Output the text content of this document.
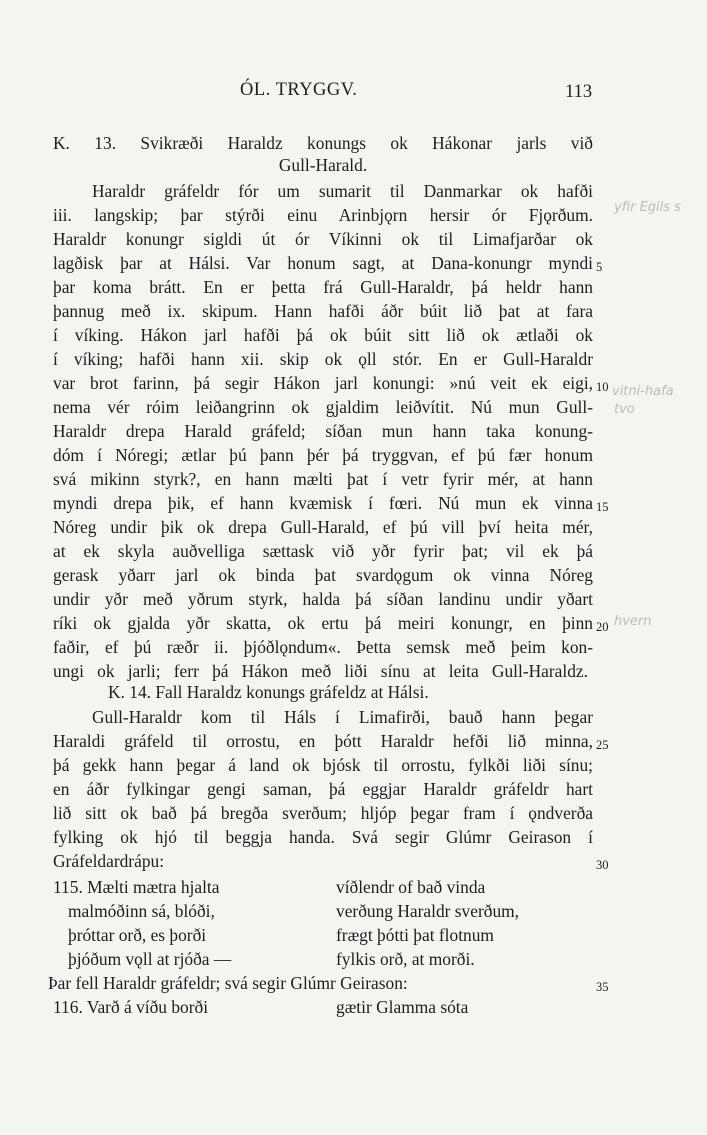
ÓL. TRYGGV.	113
K. 13. Svikræði Haraldz konungs ok Hákonar jarls við
Gull-Harald.
Haraldr gráfeldr fór um sumarit til Danmarkar ok hafði
iii. langskip; þar stýrði einu Arinbjǫrn hersir ór Fjǫrðum.
Haraldr konungr sigldi út ór Víkinni ok til Limafjarðar ok
lagðisk þar at Hálsi. Var honum sagt, at Dana-konungr myndi
þar koma brátt. En er þetta frá Gull-Haraldr, þá heldr hann
þannug með ix. skipum. Hann hafði áðr búit lið þat at fara
í víking. Hákon jarl hafði þá ok búit sitt lið ok ætlaði ok
í víking; hafði hann xii. skip ok ǫll stór. En er Gull-Haraldr
var brot farinn, þá segir Hákon jarl konungi: »nú veit ek eigi,
nema vér róim leiðangrinn ok gjaldim leiðvítit. Nú mun Gull-
Haraldr drepa Harald gráfeld; síðan mun hann taka konung-
dóm í Nóregi; ætlar þú þann þér þá tryggvan, ef þú fær honum
svá mikinn styrk?, en hann mælti þat í vetr fyrir mér, at hann
myndi drepa þik, ef hann kvæmisk í fœri. Nú mun ek vinna
Nóreg undir þik ok drepa Gull-Harald, ef þú vill því heita mér,
at ek skyla auðvelliga sættask við yðr fyrir þat; vil ek þá
gerask yðarr jarl ok binda þat svardǫgum ok vinna Nóreg
undir yðr með yðrum styrk, halda þá síðan landinu undir yðart
ríki ok gjalda yðr skatta, ok ertu þá meiri konungr, en þinn
faðir, ef þú ræðr ii. þjóðlǫndum«. Þetta semsk með þeim kon-
ungi ok jarli; ferr þá Hákon með liði sínu at leita Gull-Haraldz.
K. 14. Fall Haraldz konungs gráfeldz at Hálsi.
Gull-Haraldr kom til Háls í Limafirði, bauð hann þegar
Haraldi gráfeld til orrostu, en þótt Haraldr hefði lið minna,
þá gekk hann þegar á land ok bjósk til orrostu, fylkði liði sínu;
en áðr fylkingar gengi saman, þá eggjar Haraldr gráfeldr hart
lið sitt ok bað þá bregða sverðum; hljóp þegar fram í ǫndverða
fylking ok hjó til beggja handa. Svá segir Glúmr Geirason í
Gráfeldardrápu:
115. Mælti mætra hjalta
malmóðinn sá, blóði,
þróttar orð, es þorði
þjóðum vǫll at rjóða —
víðlendr of bað vinda
verðung Haraldr sverðum,
frægt þótti þat flotnum
fylkis orð, at morði.
Þar fell Haraldr gráfeldr; svá segir Glúmr Geirason:
116. Varð á víðu borði	gætir Glamma sóta
5
10
15
20
25
30
35
yfir Egils s
vitni-hafa
tvo
hvern
